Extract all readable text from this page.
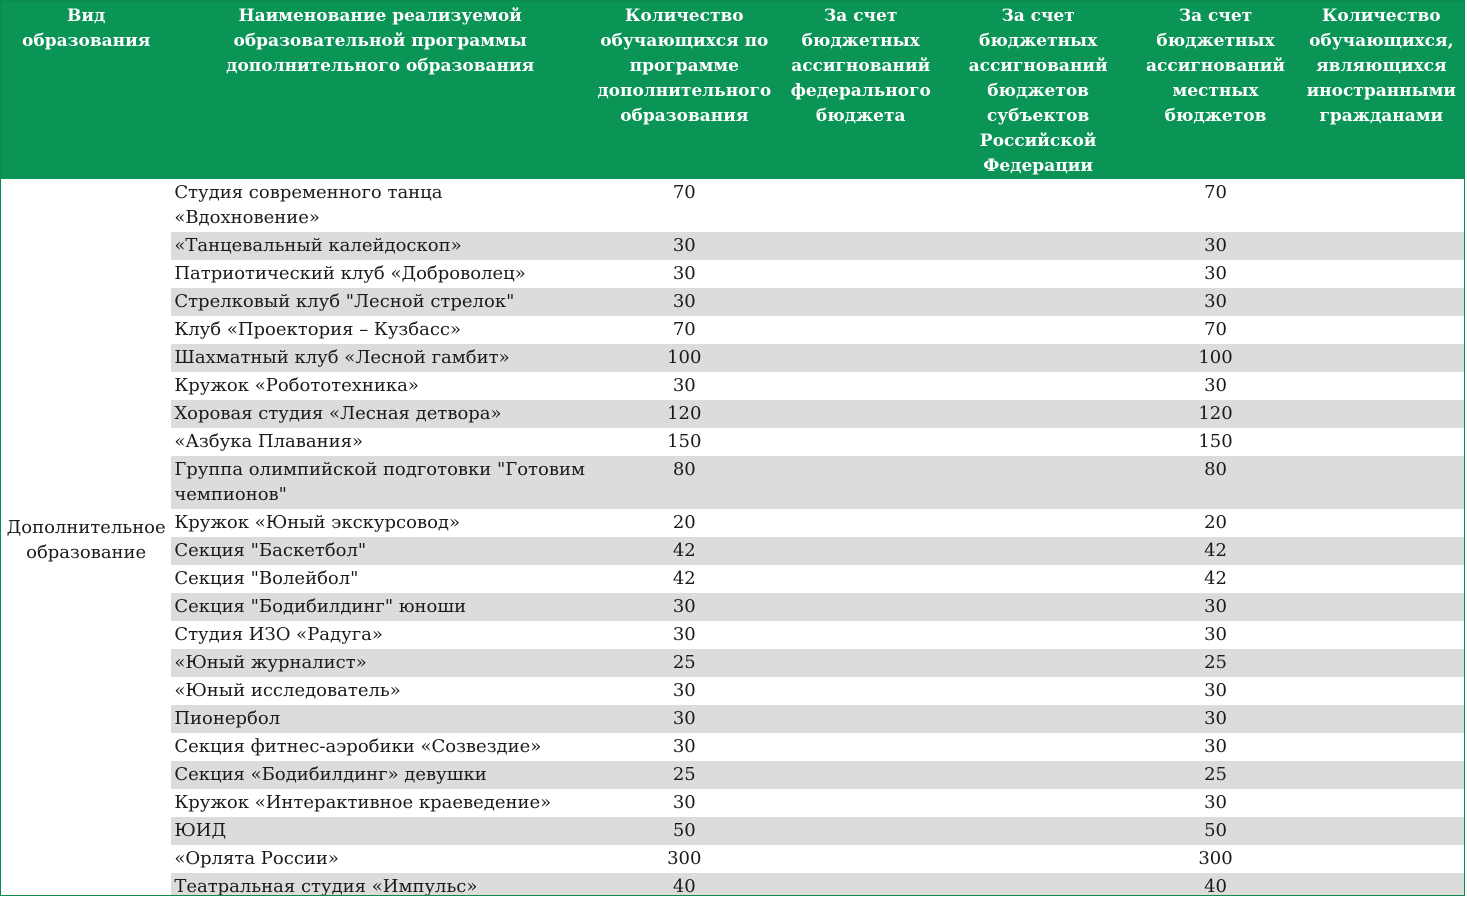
Вид образования	Наименование реализуемой образовательной программы дополнительного образования	Количество обучающихся по программе дополнительного образования	За счет бюджетных ассигнований федерального бюджета	За счет бюджетных ассигнований бюджетов субъектов Российской Федерации	За счет бюджетных ассигнований местных бюджетов	Количество обучающихся, являющихся иностранными гражданами
Дополнительное образование	Студия современного танца «Вдохновение»	70			70	
	«Танцевальный калейдоскоп»	30			30	
	Патриотический клуб «Доброволец»	30			30	
	Стрелковый клуб "Лесной стрелок"	30			30	
	Клуб «Проектория – Кузбасс»	70			70	
	Шахматный клуб «Лесной гамбит»	100			100	
	Кружок «Робототехника»	30			30	
	Хоровая студия «Лесная детвора»	120			120	
	«Азбука Плавания»	150			150	
	Группа олимпийской подготовки "Готовим чемпионов"	80			80	
	Кружок «Юный экскурсовод»	20			20	
	Секция "Баскетбол"	42			42	
	Секция "Волейбол"	42			42	
	Секция "Бодибилдинг" юноши	30			30	
	Студия ИЗО «Радуга»	30			30	
	«Юный журналист»	25			25	
	«Юный исследователь»	30			30	
	Пионербол	30			30	
	Секция фитнес-аэробики «Созвездие»	30			30	
	Секция «Бодибилдинг» девушки	25			25	
	Кружок «Интерактивное краеведение»	30			30	
	ЮИД	50			50	
	«Орлята России»	300			300	
	Театральная студия «Импульс»	40			40	
